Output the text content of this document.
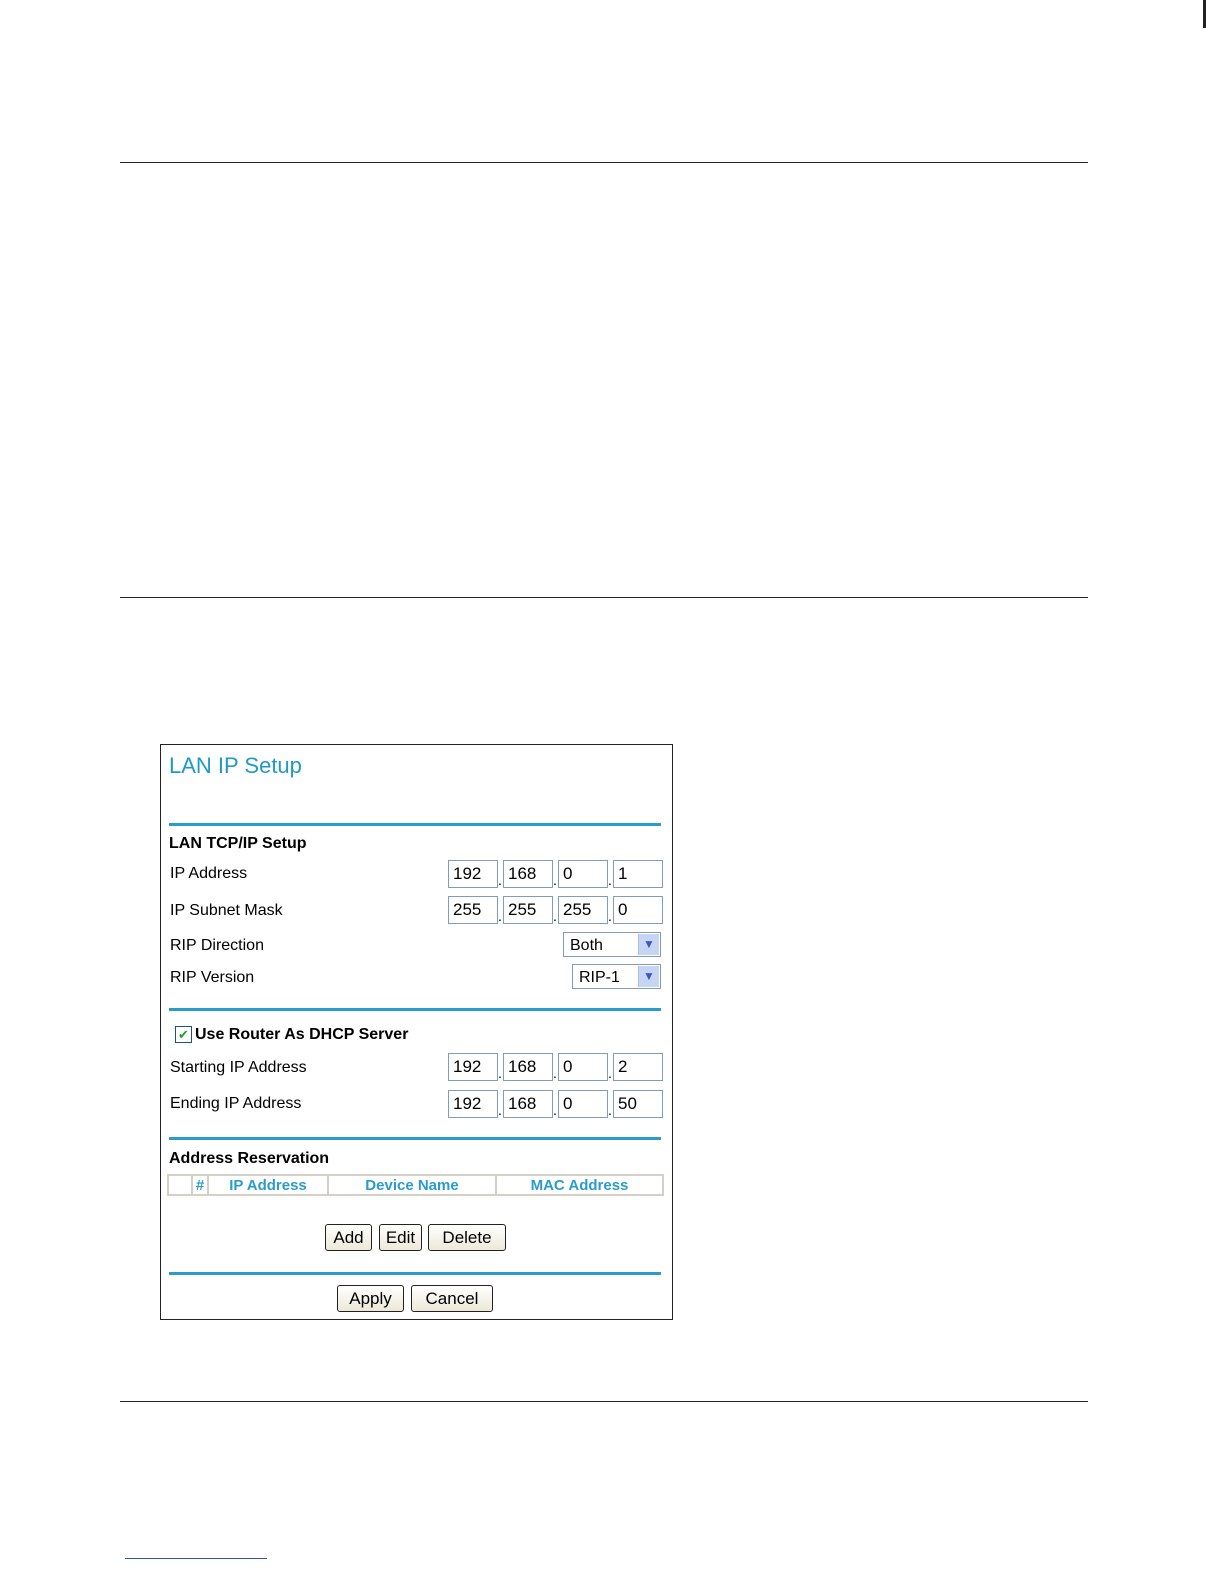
LAN IP Setup
LAN TCP/IP Setup
IP Address	192	. 168	. 0	. 1
IP Subnet Mask	255	. 255	. 255	. 0
RIP Direction	Both	▼
RIP Version	RIP-1	▼
✔ Use Router As DHCP Server
Starting IP Address	192	. 168	. 0	. 2
Ending IP Address	192	. 168	. 0	. 50
Address Reservation
	#	IP Address	Device Name	MAC Address
Add	Edit	Delete
Apply	Cancel
